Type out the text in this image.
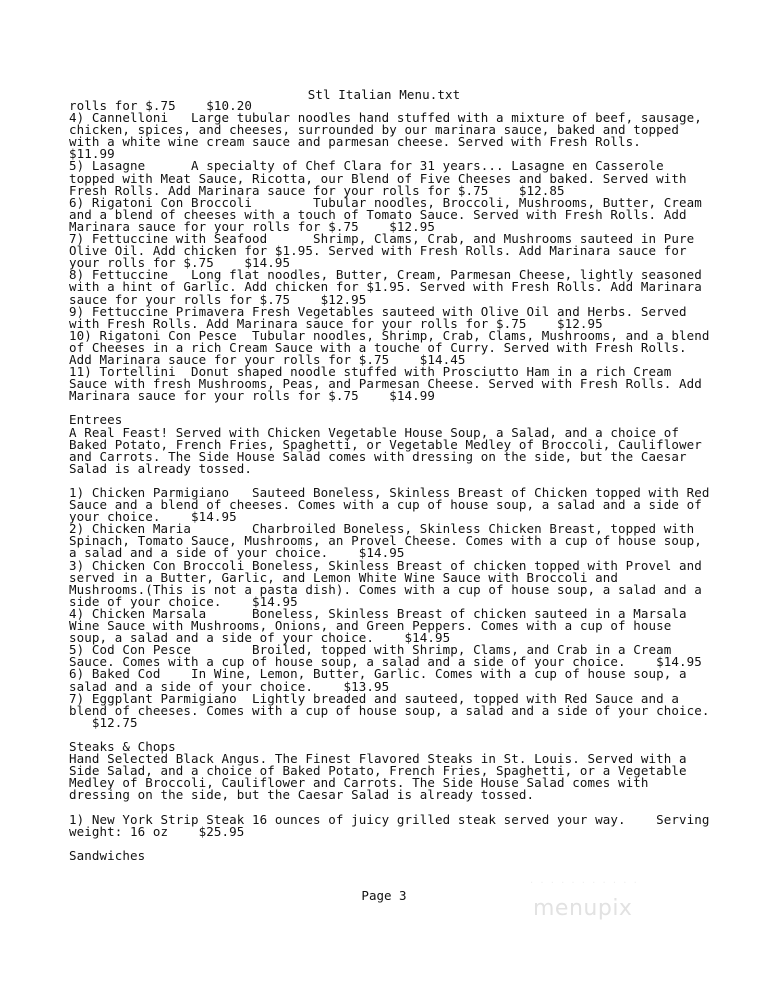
Stl Italian Menu.txt
rolls for $.75    $10.20
4) Cannelloni   Large tubular noodles hand stuffed with a mixture of beef, sausage,
chicken, spices, and cheeses, surrounded by our marinara sauce, baked and topped
with a white wine cream sauce and parmesan cheese. Served with Fresh Rolls.
$11.99
5) Lasagne      A specialty of Chef Clara for 31 years... Lasagne en Casserole
topped with Meat Sauce, Ricotta, our Blend of Five Cheeses and baked. Served with
Fresh Rolls. Add Marinara sauce for your rolls for $.75    $12.85
6) Rigatoni Con Broccoli        Tubular noodles, Broccoli, Mushrooms, Butter, Cream
and a blend of cheeses with a touch of Tomato Sauce. Served with Fresh Rolls. Add
Marinara sauce for your rolls for $.75    $12.95
7) Fettuccine with Seafood      Shrimp, Clams, Crab, and Mushrooms sauteed in Pure
Olive Oil. Add chicken for $1.95. Served with Fresh Rolls. Add Marinara sauce for
your rolls for $.75    $14.95
8) Fettuccine   Long flat noodles, Butter, Cream, Parmesan Cheese, lightly seasoned
with a hint of Garlic. Add chicken for $1.95. Served with Fresh Rolls. Add Marinara
sauce for your rolls for $.75    $12.95
9) Fettuccine Primavera Fresh Vegetables sauteed with Olive Oil and Herbs. Served
with Fresh Rolls. Add Marinara sauce for your rolls for $.75    $12.95
10) Rigatoni Con Pesce  Tubular noodles, Shrimp, Crab, Clams, Mushrooms, and a blend
of Cheeses in a rich Cream Sauce with a touche of Curry. Served with Fresh Rolls.
Add Marinara sauce for your rolls for $.75    $14.45
11) Tortellini  Donut shaped noodle stuffed with Prosciutto Ham in a rich Cream
Sauce with fresh Mushrooms, Peas, and Parmesan Cheese. Served with Fresh Rolls. Add
Marinara sauce for your rolls for $.75    $14.99
Entrees
A Real Feast! Served with Chicken Vegetable House Soup, a Salad, and a choice of
Baked Potato, French Fries, Spaghetti, or Vegetable Medley of Broccoli, Cauliflower
and Carrots. The Side House Salad comes with dressing on the side, but the Caesar
Salad is already tossed.
1) Chicken Parmigiano   Sauteed Boneless, Skinless Breast of Chicken topped with Red
Sauce and a blend of cheeses. Comes with a cup of house soup, a salad and a side of
your choice.    $14.95
2) Chicken Maria        Charbroiled Boneless, Skinless Chicken Breast, topped with
Spinach, Tomato Sauce, Mushrooms, an Provel Cheese. Comes with a cup of house soup,
a salad and a side of your choice.    $14.95
3) Chicken Con Broccoli Boneless, Skinless Breast of chicken topped with Provel and
served in a Butter, Garlic, and Lemon White Wine Sauce with Broccoli and
Mushrooms.(This is not a pasta dish). Comes with a cup of house soup, a salad and a
side of your choice.    $14.95
4) Chicken Marsala      Boneless, Skinless Breast of chicken sauteed in a Marsala
Wine Sauce with Mushrooms, Onions, and Green Peppers. Comes with a cup of house
soup, a salad and a side of your choice.    $14.95
5) Cod Con Pesce        Broiled, topped with Shrimp, Clams, and Crab in a Cream
Sauce. Comes with a cup of house soup, a salad and a side of your choice.    $14.95
6) Baked Cod    In Wine, Lemon, Butter, Garlic. Comes with a cup of house soup, a
salad and a side of your choice.    $13.95
7) Eggplant Parmigiano  Lightly breaded and sauteed, topped with Red Sauce and a
blend of cheeses. Comes with a cup of house soup, a salad and a side of your choice.
$12.75
Steaks & Chops
Hand Selected Black Angus. The Finest Flavored Steaks in St. Louis. Served with a
Side Salad, and a choice of Baked Potato, French Fries, Spaghetti, or a Vegetable
Medley of Broccoli, Cauliflower and Carrots. The Side House Salad comes with
dressing on the side, but the Caesar Salad is already tossed.
1) New York Strip Steak 16 ounces of juicy grilled steak served your way.    Serving
weight: 16 oz    $25.95
Sandwiches
Page 3
· · · · · · · · · · ·
menupix
